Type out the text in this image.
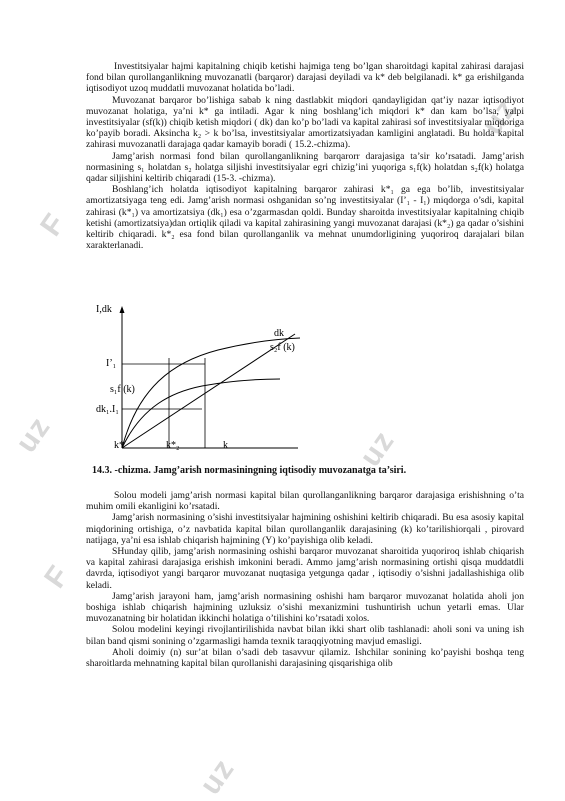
F
F
uz
uz
uz
uz

Investitsiyalar hajmi kapitalning chiqib ketishi hajmiga teng bo’lgan sharoitdagi kapital zahirasi darajasi fond bilan qurollanganlikning muvozanatli (barqaror) darajasi deyiladi va k* deb belgilanadi. k* ga erishilganda iqtisodiyot uzoq muddatli muvozanat holatida bo’ladi.

Muvozanat barqaror bo’lishiga sabab k ning dastlabkit miqdori qandayligidan qat’iy nazar iqtisodiyot muvozanat holatiga, ya’ni k* ga intiladi. Agar k ning boshlang’ich miqdori k* dan kam bo’lsa, yalpi investitsiyalar (sf(k)) chiqib ketish miqdori ( dk) dan ko’p bo’ladi va kapital zahirasi sof investitsiyalar miqdoriga ko’payib boradi. Aksincha k₂ > k bo’lsa, investitsiyalar amortizatsiyadan kamligini anglatadi. Bu holda kapital zahirasi muvozanatli darajaga qadar kamayib boradi ( 15.2.-chizma).

Jamg’arish normasi fond bilan qurollanganlikning barqarorr darajasiga ta’sir ko’rsatadi. Jamg’arish normasining s₁ holatdan s₂ holatga siljishi investitsiyalar egri chizig’ini yuqoriga s₁f(k) holatdan s₂f(k) holatga qadar siljishini keltirib chiqaradi (15-3. -chizma).

Boshlang’ich holatda iqtisodiyot kapitalning barqaror zahirasi k*₁ ga ega bo’lib, investitsiyalar amortizatsiyaga teng edi. Jamg’arish normasi oshganidan so’ng investitsiyalar (I’₁ - I₁) miqdorga o’sdi, kapital zahirasi (k*₁) va amortizatsiya (dk₁) esa o’zgarmasdan qoldi. Bunday sharoitda investitsiyalar kapitalning chiqib ketishi (amortizatsiya)dan ortiqlik qiladi va kapital zahirasining yangi muvozanat darajasi (k*₂) ga qadar o’sishini keltirib chiqaradi. k*₂ esa fond bilan qurollanganlik va mehnat unumdorligining yuqoriroq darajalari bilan xarakterlanadi.

I,dk
dk
s₂f (k)
s₁f (k)
I’₁
dk₁.I₁
k*	k*₂	k
14.3. -chizma. Jamg’arish normasiningning iqtisodiy muvozanatga ta’siri.

Solou modeli jamg’arish normasi kapital bilan qurollanganlikning barqaror darajasiga erishishning o’ta muhim omili ekanligini ko’rsatadi.

Jamg’arish normasining o’sishi investitsiyalar hajmining oshishini keltirib chiqaradi. Bu esa asosiy kapital miqdorining ortishiga, o’z navbatida kapital bilan qurollanganlik darajasining (k) ko’tarilishiorqali , pirovard natijaga, ya’ni esa ishlab chiqarish hajmining (Y) ko’payishiga olib keladi.

SHunday qilib, jamg’arish normasining oshishi barqaror muvozanat sharoitida yuqoriroq ishlab chiqarish va kapital zahirasi darajasiga erishish imkonini beradi. Ammo jamg’arish normasining ortishi qisqa muddatdli davrda, iqtisodiyot yangi barqaror muvozanat nuqtasiga yetgunga qadar , iqtisodiy o’sishni jadallashishiga olib keladi.

Jamg’arish jarayoni ham, jamg’arish normasining oshishi ham barqaror muvozanat holatida aholi jon boshiga ishlab chiqarish hajmining uzluksiz o’sishi mexanizmini tushuntirish uchun yetarli emas. Ular muvozanatning bir holatidan ikkinchi holatiga o’tilishini ko’rsatadi xolos.

Solou modelini keyingi rivojlantirilishida navbat bilan ikki shart olib tashlanadi: aholi soni va uning ish bilan band qismi sonining o’zgarmasligi hamda texnik taraqqiyotning mavjud emasligi.

Aholi doimiy (n) sur’at bilan o’sadi deb tasavvur qilamiz. Ishchilar sonining ko’payishi boshqa teng sharoitlarda mehnatning kapital bilan qurollanishi darajasining qisqarishiga olib
